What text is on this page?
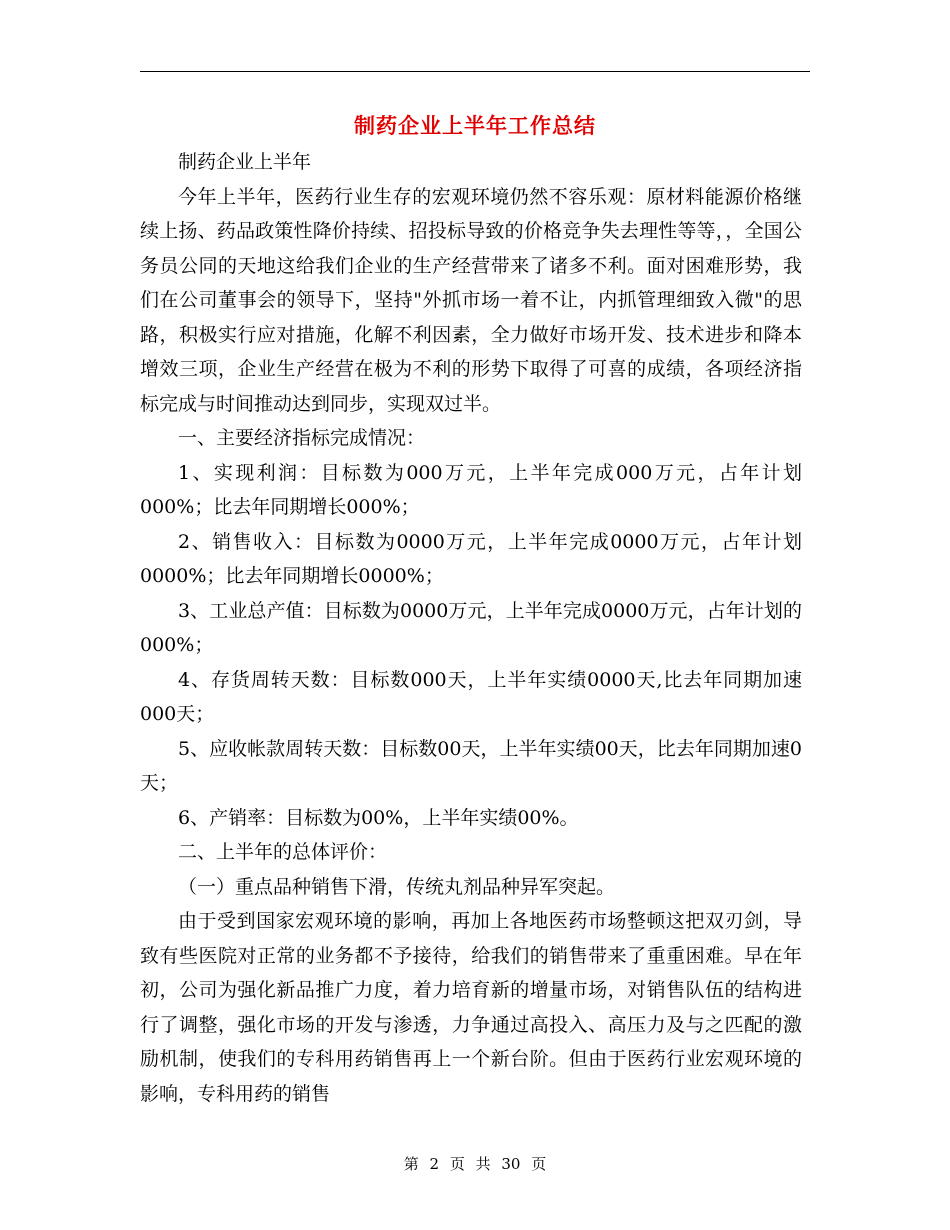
制药企业上半年工作总结

制药企业上半年

今年上半年，医药行业生存的宏观环境仍然不容乐观：原材料能源价格继续上扬、药品政策性降价持续、招投标导致的价格竞争失去理性等等，，全国公务员公同的天地这给我们企业的生产经营带来了诸多不利。面对困难形势，我们在公司董事会的领导下，坚持"外抓市场一着不让，内抓管理细致入微"的思路，积极实行应对措施，化解不利因素，全力做好市场开发、技术进步和降本增效三项，企业生产经营在极为不利的形势下取得了可喜的成绩，各项经济指标完成与时间推动达到同步，实现双过半。

一、主要经济指标完成情况：

1、实现利润：目标数为000万元，上半年完成000万元，占年计划000%；比去年同期增长000%；

2、销售收入：目标数为0000万元，上半年完成0000万元，占年计划0000%；比去年同期增长0000%；

3、工业总产值：目标数为0000万元，上半年完成0000万元，占年计划的000%；

4、存货周转天数：目标数000天，上半年实绩0000天,比去年同期加速000天；

5、应收帐款周转天数：目标数00天，上半年实绩00天，比去年同期加速0天；

6、产销率：目标数为00%，上半年实绩00%。

二、上半年的总体评价：

（一）重点品种销售下滑，传统丸剂品种异军突起。

由于受到国家宏观环境的影响，再加上各地医药市场整顿这把双刃剑，导致有些医院对正常的业务都不予接待，给我们的销售带来了重重困难。早在年初，公司为强化新品推广力度，着力培育新的增量市场，对销售队伍的结构进行了调整，强化市场的开发与渗透，力争通过高投入、高压力及与之匹配的激励机制，使我们的专科用药销售再上一个新台阶。但由于医药行业宏观环境的影响，专科用药的销售

第 2 页 共 30 页
